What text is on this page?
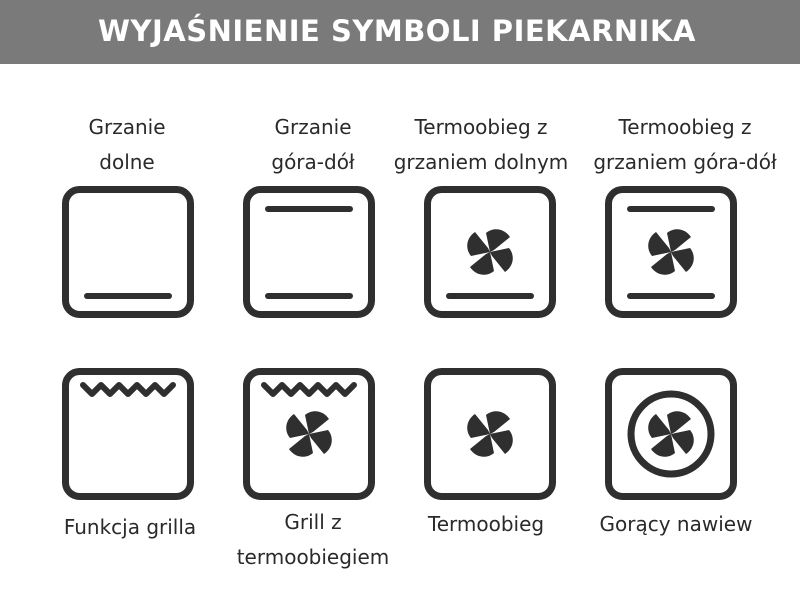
WYJAŚNIENIE SYMBOLI PIEKARNIKA
Grzanie
dolne
Grzanie
góra-dół
Termoobieg z
grzaniem dolnym
Termoobieg z
grzaniem góra-dół
Funkcja grilla	Grill z
termoobiegiem
Termoobieg	Gorący nawiew
